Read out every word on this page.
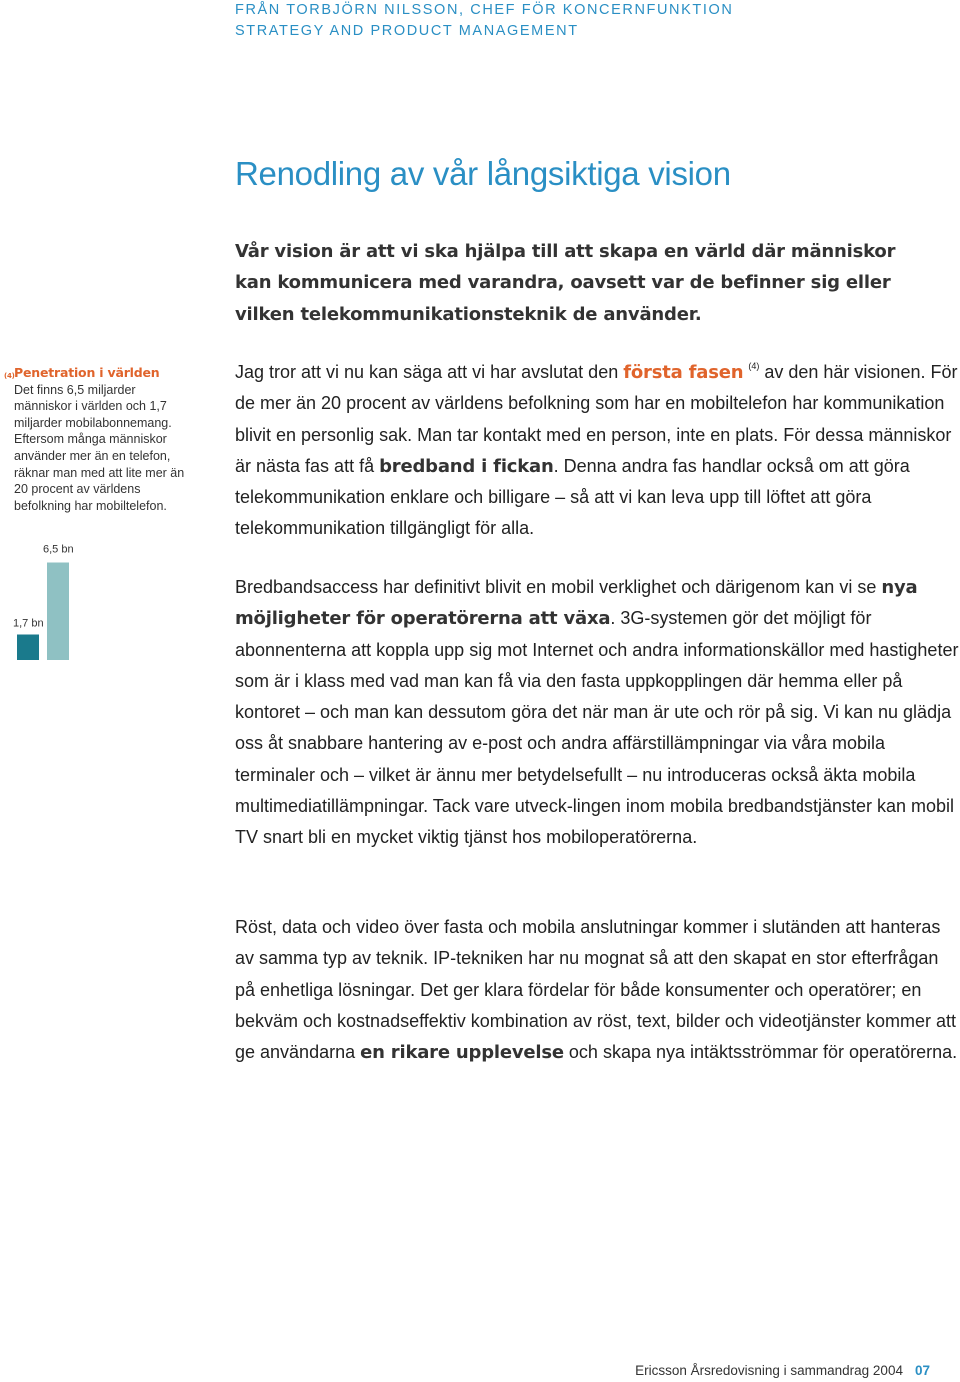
FRÅN TORBJÖRN NILSSON, CHEF FÖR KONCERNFUNKTION
STRATEGY AND PRODUCT MANAGEMENT
Renodling av vår långsiktiga vision
Vår vision är att vi ska hjälpa till att skapa en värld där människor kan kommunicera med varandra, oavsett var de befinner sig eller vilken telekommunikationsteknik de använder.
(4) Penetration i världen
Det finns 6,5 miljarder människor i världen och 1,7 miljarder mobilabonnemang. Eftersom många människor använder mer än en telefon, räknar man med att lite mer än 20 procent av världens befolkning har mobiltelefon.
1,7 bn
6,5 bn
Jag tror att vi nu kan säga att vi har avslutat den första fasen $^{(4)}$ av den här visionen. För de mer än 20 procent av världens befolkning som har en mobiltelefon har kommunikation blivit en personlig sak. Man tar kontakt med en person, inte en plats. För dessa människor är nästa fas att få bredband i fickan. Denna andra fas handlar också om att göra telekommunikation enklare och billigare – så att vi kan leva upp till löftet att göra telekommunikation tillgängligt för alla.
Bredbandsaccess har definitivt blivit en mobil verklighet och därigenom kan vi se nya möjligheter för operatörerna att växa. 3G-systemen gör det möjligt för abonnenterna att koppla upp sig mot Internet och andra informationskällor med hastigheter som är i klass med vad man kan få via den fasta uppkopplingen där hemma eller på kontoret – och man kan dessutom göra det när man är ute och rör på sig. Vi kan nu glädja oss åt snabbare hantering av e-post och andra affärstillämpningar via våra mobila terminaler och – vilket är ännu mer betydelsefullt – nu introduceras också äkta mobila multimediatillämpningar. Tack vare utveck-lingen inom mobila bredbandstjänster kan mobil TV snart bli en mycket viktig tjänst hos mobiloperatörerna.
Röst, data och video över fasta och mobila anslutningar kommer i slutänden att hanteras av samma typ av teknik. IP-tekniken har nu mognat så att den skapat en stor efterfrågan på enhetliga lösningar. Det ger klara fördelar för både konsumenter och operatörer; en bekväm och kostnadseffektiv kombination av röst, text, bilder och videotjänster kommer att ge användarna en rikare upplevelse och skapa nya intäktsströmmar för operatörerna.
Ericsson Årsredovisning i sammandrag 2004 07
